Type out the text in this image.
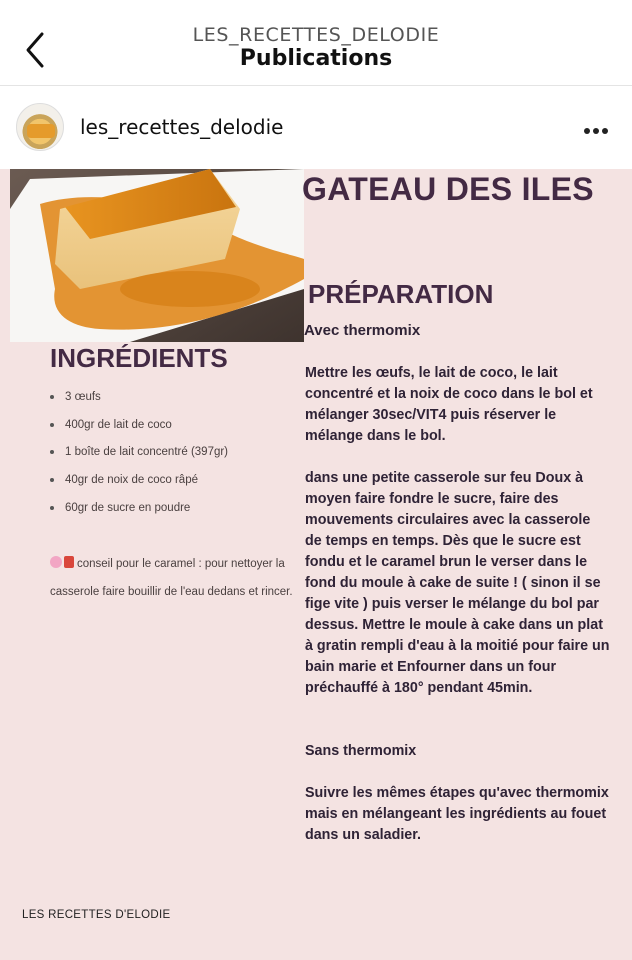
LES_RECETTES_DELODIE
Publications
les_recettes_delodie
GATEAU DES ILES
PRÉPARATION
Avec thermomix
INGRÉDIENTS
3 œufs
400gr de lait de coco
1 boîte de lait concentré (397gr)
40gr de noix de coco râpé
60gr de sucre en poudre
conseil pour le caramel : pour nettoyer la casserole faire bouillir de l'eau dedans et rincer.

Mettre les œufs, le lait de coco, le lait concentré et la noix de coco dans le bol et mélanger 30sec/VIT4 puis réserver le mélange dans le bol.

dans une petite casserole sur feu Doux à moyen faire fondre le sucre, faire des mouvements circulaires avec la casserole de temps en temps. Dès que le sucre est fondu et le caramel brun le verser dans le fond du moule à cake de suite ! ( sinon il se fige vite ) puis verser le mélange du bol par dessus. Mettre le moule à cake dans un plat à gratin rempli d'eau à la moitié pour faire un bain marie et Enfourner dans un four préchauffé à 180° pendant 45min.

Sans thermomix

Suivre les mêmes étapes qu'avec thermomix mais en mélangeant les ingrédients au fouet dans un saladier.

LES RECETTES D'ELODIE
